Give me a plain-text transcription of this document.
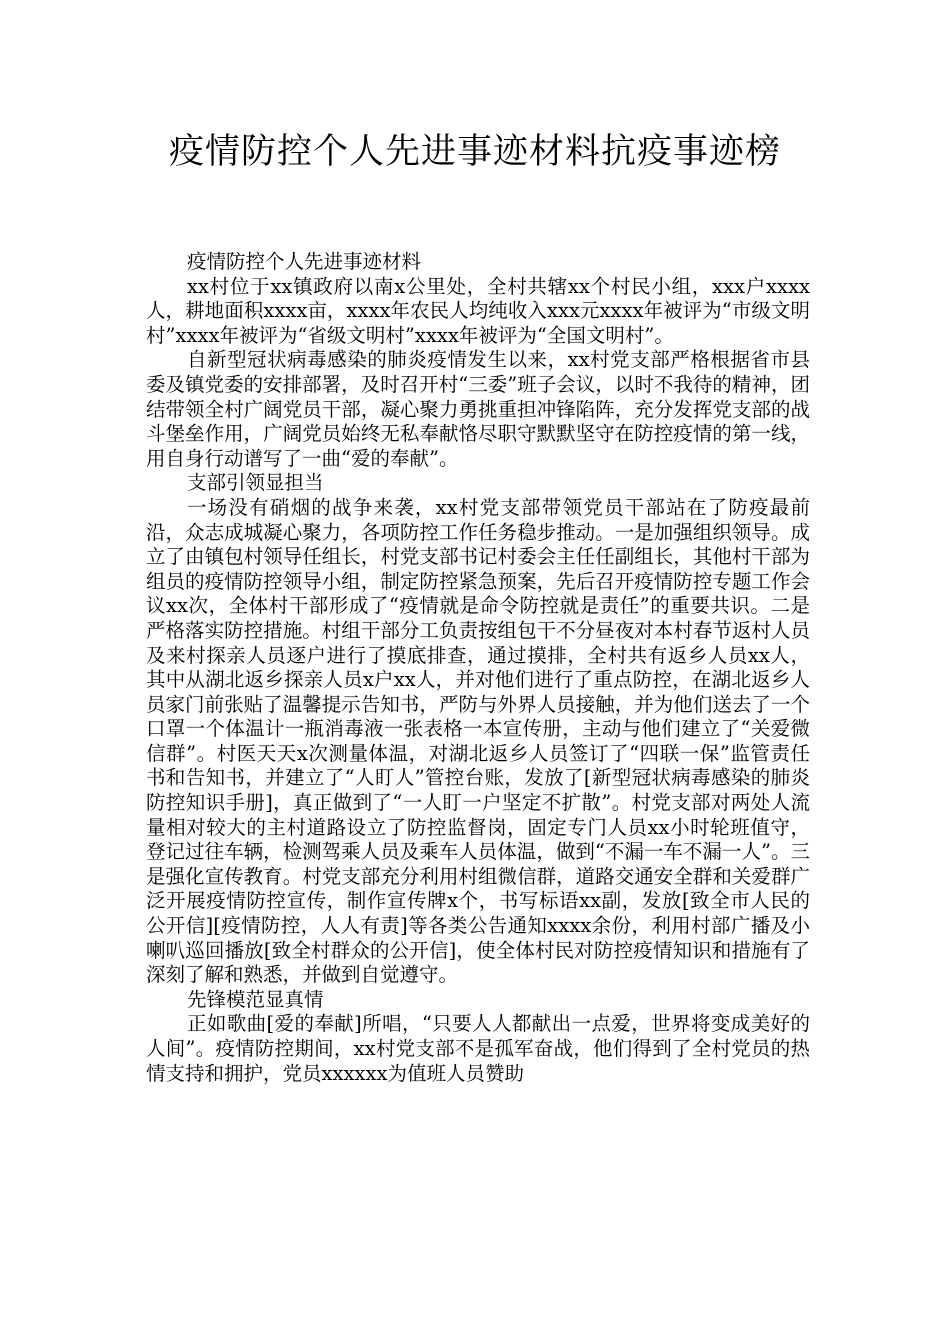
疫情防控个人先进事迹材料抗疫事迹榜

疫情防控个人先进事迹材料

xx村位于xx镇政府以南x公里处，全村共辖xx个村民小组，xxx户xxxx人，耕地面积xxxx亩，xxxx年农民人均纯收入xxx元xxxx年被评为“市级文明村”xxxx年被评为“省级文明村”xxxx年被评为“全国文明村”。

自新型冠状病毒感染的肺炎疫情发生以来，xx村党支部严格根据省市县委及镇党委的安排部署，及时召开村“三委”班子会议，以时不我待的精神，团结带领全村广阔党员干部，凝心聚力勇挑重担冲锋陷阵，充分发挥党支部的战斗堡垒作用，广阔党员始终无私奉献恪尽职守默默坚守在防控疫情的第一线，用自身行动谱写了一曲“爱的奉献”。

支部引领显担当

一场没有硝烟的战争来袭，xx村党支部带领党员干部站在了防疫最前沿，众志成城凝心聚力，各项防控工作任务稳步推动。一是加强组织领导。成立了由镇包村领导任组长，村党支部书记村委会主任任副组长，其他村干部为组员的疫情防控领导小组，制定防控紧急预案，先后召开疫情防控专题工作会议xx次，全体村干部形成了“疫情就是命令防控就是责任”的重要共识。二是严格落实防控措施。村组干部分工负责按组包干不分昼夜对本村春节返村人员及来村探亲人员逐户进行了摸底排查，通过摸排，全村共有返乡人员xx人，其中从湖北返乡探亲人员x户xx人，并对他们进行了重点防控，在湖北返乡人员家门前张贴了温馨提示告知书，严防与外界人员接触，并为他们送去了一个口罩一个体温计一瓶消毒液一张表格一本宣传册，主动与他们建立了“关爱微信群”。村医天天x次测量体温，对湖北返乡人员签订了“四联一保”监管责任书和告知书，并建立了“人盯人”管控台账，发放了[新型冠状病毒感染的肺炎防控知识手册]，真正做到了“一人盯一户坚定不扩散”。村党支部对两处人流量相对较大的主村道路设立了防控监督岗，固定专门人员xx小时轮班值守，登记过往车辆，检测驾乘人员及乘车人员体温，做到“不漏一车不漏一人”。三是强化宣传教育。村党支部充分利用村组微信群，道路交通安全群和关爱群广泛开展疫情防控宣传，制作宣传牌x个，书写标语xx副，发放[致全市人民的公开信][疫情防控，人人有责]等各类公告通知xxxx余份，利用村部广播及小喇叭巡回播放[致全村群众的公开信]，使全体村民对防控疫情知识和措施有了深刻了解和熟悉，并做到自觉遵守。

先锋模范显真情

正如歌曲[爱的奉献]所唱，“只要人人都献出一点爱，世界将变成美好的人间”。疫情防控期间，xx村党支部不是孤军奋战，他们得到了全村党员的热情支持和拥护，党员xxxxxx为值班人员赞助
